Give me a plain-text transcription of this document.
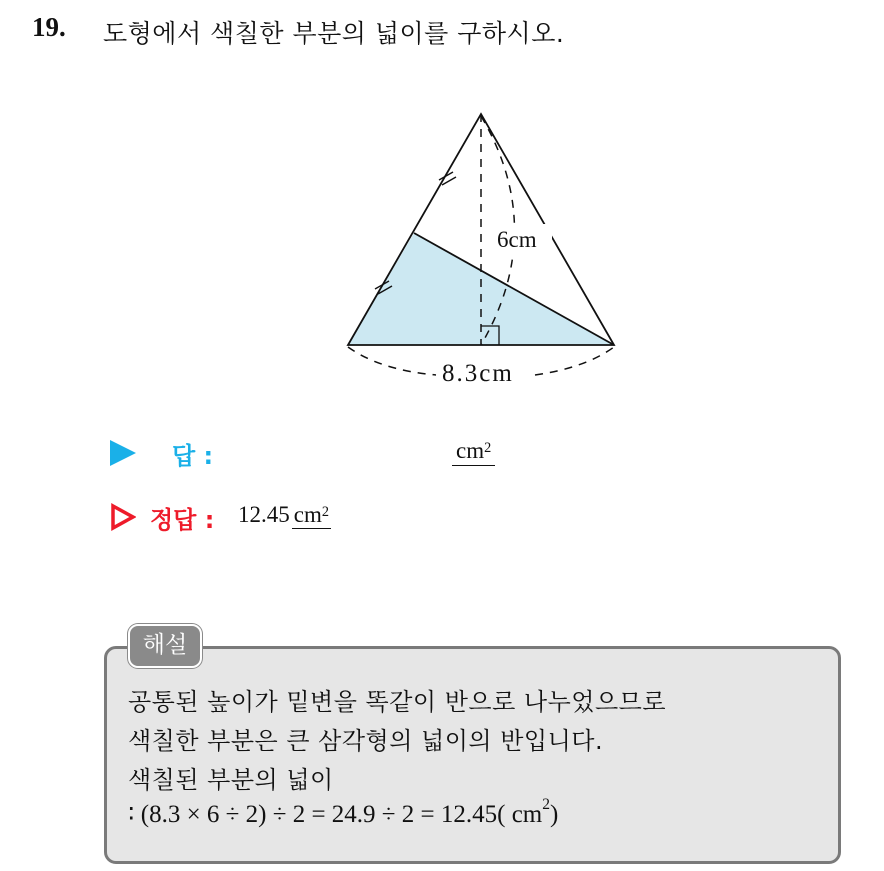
19. 도형에서 색칠한 부분의 넓이를 구하시오.
6cm
8.3cm
답 :	$cm^2$
정답 : 12.45 $cm^2$
해설
공통된 높이가 밑변을 똑같이 반으로 나누었으므로
색칠한 부분은 큰 삼각형의 넓이의 반입니다.
색칠된 부분의 넓이
∶ (8.3 × 6 ÷ 2) ÷ 2 = 24.9 ÷ 2 = 12.45( $cm^2$)
